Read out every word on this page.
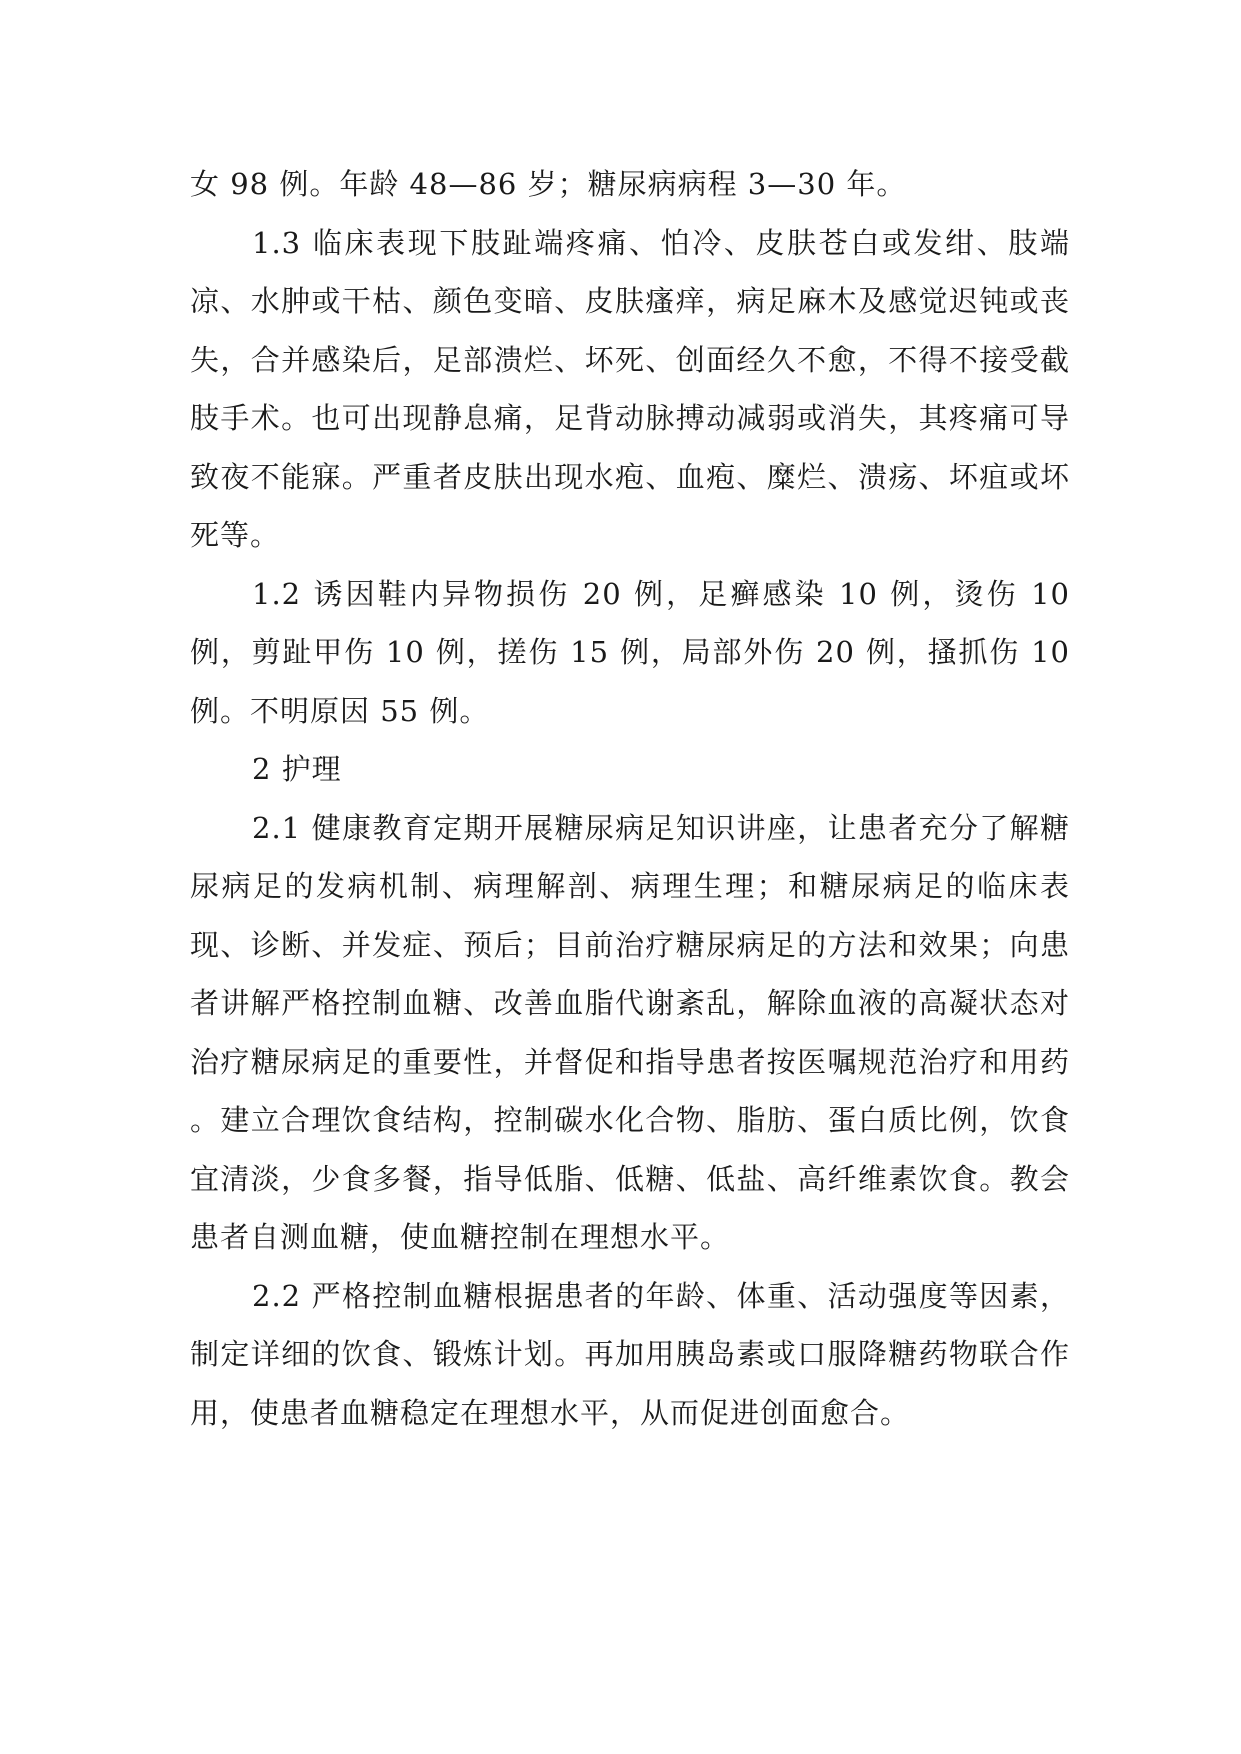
女 98 例。年龄 48—86 岁；糖尿病病程 3—30 年。

1.3 临床表现下肢趾端疼痛、怕冷、皮肤苍白或发绀、肢端凉、水肿或干枯、颜色变暗、皮肤瘙痒，病足麻木及感觉迟钝或丧失，合并感染后，足部溃烂、坏死、创面经久不愈，不得不接受截肢手术。也可出现静息痛，足背动脉搏动减弱或消失，其疼痛可导致夜不能寐。严重者皮肤出现水疱、血疱、糜烂、溃疡、坏疽或坏死等。

1.2 诱因鞋内异物损伤 20 例，足癣感染 10 例，烫伤 10 例，剪趾甲伤 10 例，搓伤 15 例，局部外伤 20 例，搔抓伤 10 例。不明原因 55 例。

2 护理

2.1 健康教育定期开展糖尿病足知识讲座，让患者充分了解糖尿病足的发病机制、病理解剖、病理生理；和糖尿病足的临床表现、诊断、并发症、预后；目前治疗糖尿病足的方法和效果；向患者讲解严格控制血糖、改善血脂代谢紊乱，解除血液的高凝状态对治疗糖尿病足的重要性，并督促和指导患者按医嘱规范治疗和用药 。建立合理饮食结构，控制碳水化合物、脂肪、蛋白质比例，饮食宜清淡，少食多餐，指导低脂、低糖、低盐、高纤维素饮食。教会患者自测血糖，使血糖控制在理想水平。

2.2 严格控制血糖根据患者的年龄、体重、活动强度等因素，制定详细的饮食、锻炼计划。再加用胰岛素或口服降糖药物联合作用，使患者血糖稳定在理想水平，从而促进创面愈合。
